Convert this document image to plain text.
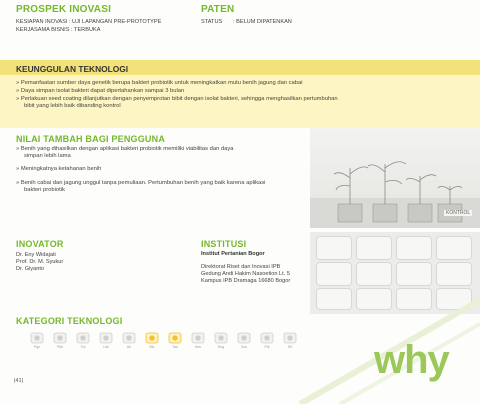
PROSPEK INOVASI
KESIAPAN INOVASI : UJI LAPANGAN PRE-PROTOTYPE
KERJASAMA BISNIS : TERBUKA
PATEN
STATUS : BELUM DIPATENKAN
KEUNGGULAN TEKNOLOGI
» Pemanfaatan sumber daya genetik berupa bakteri probiotik untuk meningkatkan mutu benih jagung dan cabai
» Daya simpan isolat bakteri dapat dipertahankan sampai 3 bulan
» Perlakuan seed coating dilanjutkan dengan penyemprotan bibit dengan isolat bakteri, sehingga menghasilkan pertumbuhan
bibit yang lebih baik dibanding kontrol
KONTROL
NILAI TAMBAH BAGI PENGGUNA
» Benih yang dihasilkan dengan aplikasi bakteri probiotik memiliki viabilitas dan daya
simpan lebih lama
» Meningkatnya ketahanan benih
» Benih cabai dan jagung unggul tanpa pemuliaan. Pertumbuhan benih yang baik karena aplikasi
bakteri probiotik
INOVATOR
Dr. Eny Widajati
Prof. Dr. M. Syukur
Dr. Giyanto
INSTITUSI
Institut Pertanian Bogor
Direktorat Riset dan Inovasi IPB
Gedung Andi Hakim Nasoetion Lt. 5
Kampus IPB Dramaga 16680 Bogor
KATEGORI TEKNOLOGI
Pgn	Pkb	Trp	Lhk	Air	Bio	Tan	Kes	Eng	Sos	Prk	TIK why
|41|
